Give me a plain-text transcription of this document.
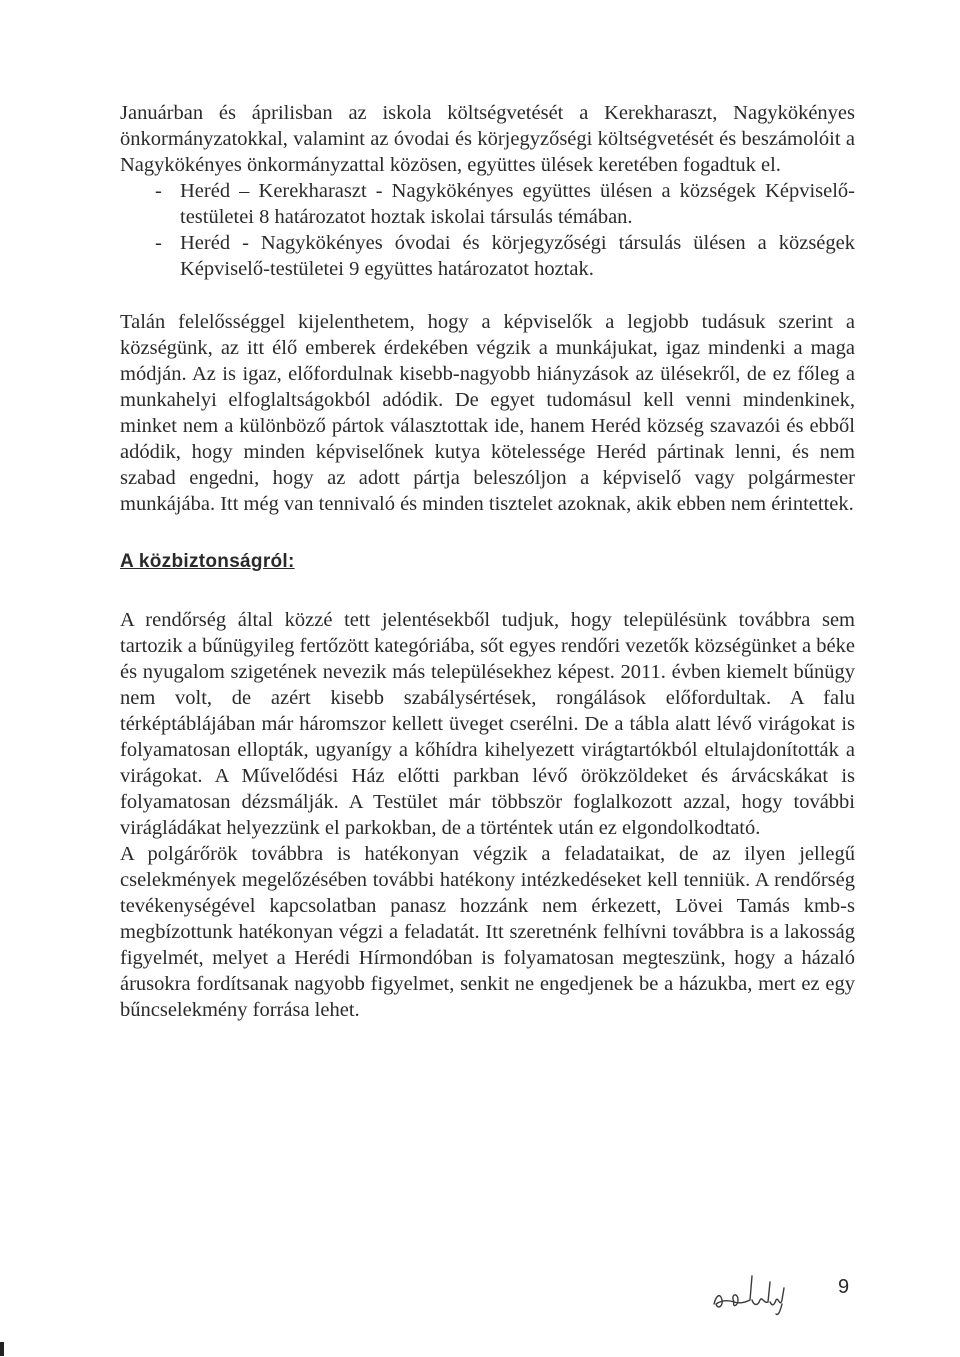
Januárban és áprilisban az iskola költségvetését a Kerekharaszt, Nagykökényes önkormányzatokkal, valamint az óvodai és körjegyzőségi költségvetését és beszámolóit a Nagykökényes önkormányzattal közösen, együttes ülések keretében fogadtuk el.

- Heréd – Kerekharaszt - Nagykökényes együttes ülésen a községek Képviselő-testületei 8 határozatot hoztak iskolai társulás témában.
- Heréd - Nagykökényes óvodai és körjegyzőségi társulás ülésen a községek Képviselő-testületei 9 együttes határozatot hoztak.

Talán felelősséggel kijelenthetem, hogy a képviselők a legjobb tudásuk szerint a községünk, az itt élő emberek érdekében végzik a munkájukat, igaz mindenki a maga módján. Az is igaz, előfordulnak kisebb-nagyobb hiányzások az ülésekről, de ez főleg a munkahelyi elfoglaltságokból adódik. De egyet tudomásul kell venni mindenkinek, minket nem a különböző pártok választottak ide, hanem Heréd község szavazói és ebből adódik, hogy minden képviselőnek kutya kötelessége Heréd pártinak lenni, és nem szabad engedni, hogy az adott pártja beleszóljon a képviselő vagy polgármester munkájába. Itt még van tennivaló és minden tisztelet azoknak, akik ebben nem érintettek.

A közbiztonságról:

A rendőrség által közzé tett jelentésekből tudjuk, hogy településünk továbbra sem tartozik a bűnügyileg fertőzött kategóriába, sőt egyes rendőri vezetők községünket a béke és nyugalom szigetének nevezik más településekhez képest. 2011. évben kiemelt bűnügy nem volt, de azért kisebb szabálysértések, rongálások előfordultak. A falu térképtáblájában már háromszor kellett üveget cserélni. De a tábla alatt lévő virágokat is folyamatosan ellopták, ugyanígy a kőhídra kihelyezett virágtartókból eltulajdonították a virágokat. A Művelődési Ház előtti parkban lévő örökzöldeket és árvácskákat is folyamatosan dézsmálják. A Testület már többször foglalkozott azzal, hogy további virágládákat helyezzünk el parkokban, de a történtek után ez elgondolkodtató.

A polgárőrök továbbra is hatékonyan végzik a feladataikat, de az ilyen jellegű cselekmények megelőzésében további hatékony intézkedéseket kell tenniük. A rendőrség tevékenységével kapcsolatban panasz hozzánk nem érkezett, Lövei Tamás kmb-s megbízottunk hatékonyan végzi a feladatát. Itt szeretnénk felhívni továbbra is a lakosság figyelmét, melyet a Herédi Hírmondóban is folyamatosan megteszünk, hogy a házaló árusokra fordítsanak nagyobb figyelmet, senkit ne engedjenek be a házukba, mert ez egy bűncselekmény forrása lehet.

9
